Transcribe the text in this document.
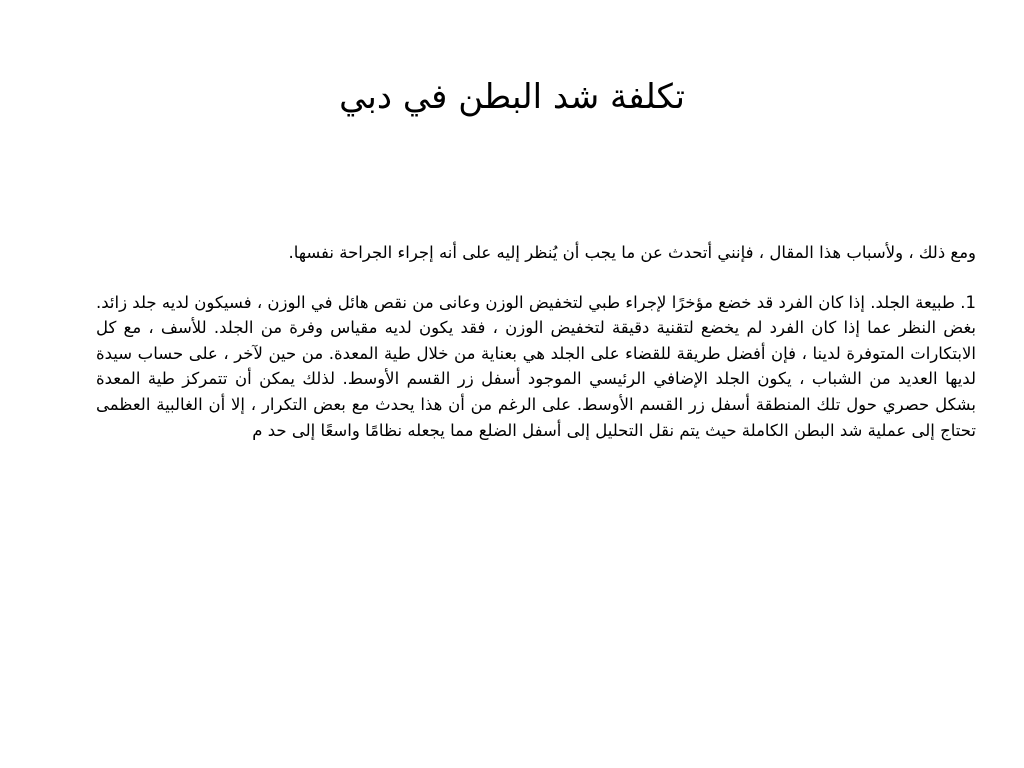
تكلفة شد البطن في دبي

ومع ذلك ، ولأسباب هذا المقال ، فإنني أتحدث عن ما يجب أن يُنظر إليه على أنه إجراء الجراحة نفسها.

1. طبيعة الجلد. إذا كان الفرد قد خضع مؤخرًا لإجراء طبي لتخفيض الوزن وعانى من نقص هائل في الوزن ، فسيكون لديه جلد زائد. بغض النظر عما إذا كان الفرد لم يخضع لتقنية دقيقة لتخفيض الوزن ، فقد يكون لديه مقياس وفرة من الجلد. للأسف ، مع كل الابتكارات المتوفرة لدينا ، فإن أفضل طريقة للقضاء على الجلد هي بعناية من خلال طية المعدة. من حين لآخر ، على حساب سيدة لديها العديد من الشباب ، يكون الجلد الإضافي الرئيسي الموجود أسفل زر القسم الأوسط. لذلك يمكن أن تتمركز طية المعدة بشكل حصري حول تلك المنطقة أسفل زر القسم الأوسط. على الرغم من أن هذا يحدث مع بعض التكرار ، إلا أن الغالبية العظمى تحتاج إلى عملية شد البطن الكاملة حيث يتم نقل التحليل إلى أسفل الضلع مما يجعله نظامًا واسعًا إلى حد م
